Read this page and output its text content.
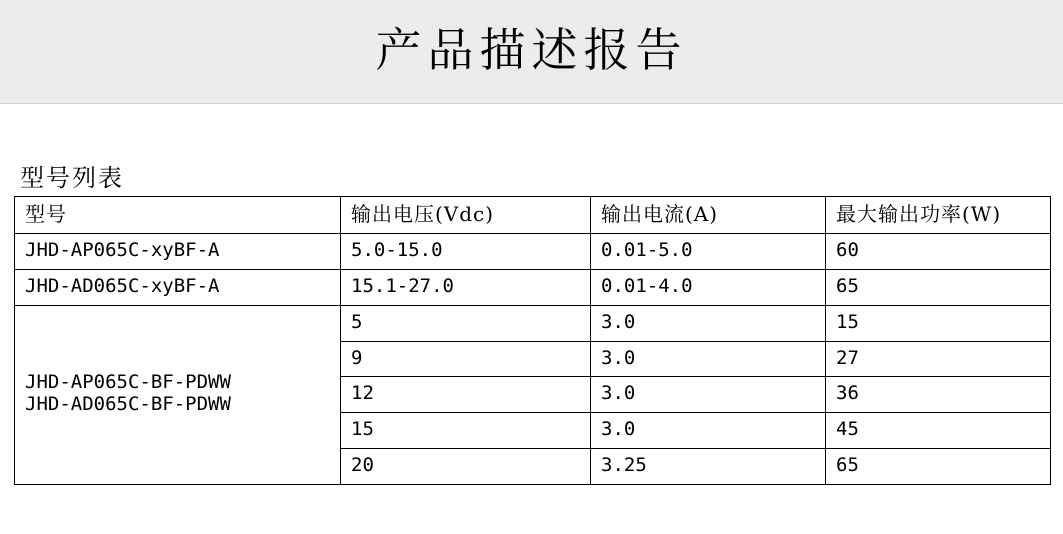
产品描述报告
型号列表
型号	输出电压(Vdc)	输出电流(A)	最大输出功率(W)
JHD-AP065C-xyBF-A	5.0-15.0	0.01-5.0	60
JHD-AD065C-xyBF-A	15.1-27.0	0.01-4.0	65

JHD-AP065C-BF-PDWW
JHD-AD065C-BF-PDWW	5	3.0	15
	9	3.0	27
	12	3.0	36
	15	3.0	45
	20	3.25	65
